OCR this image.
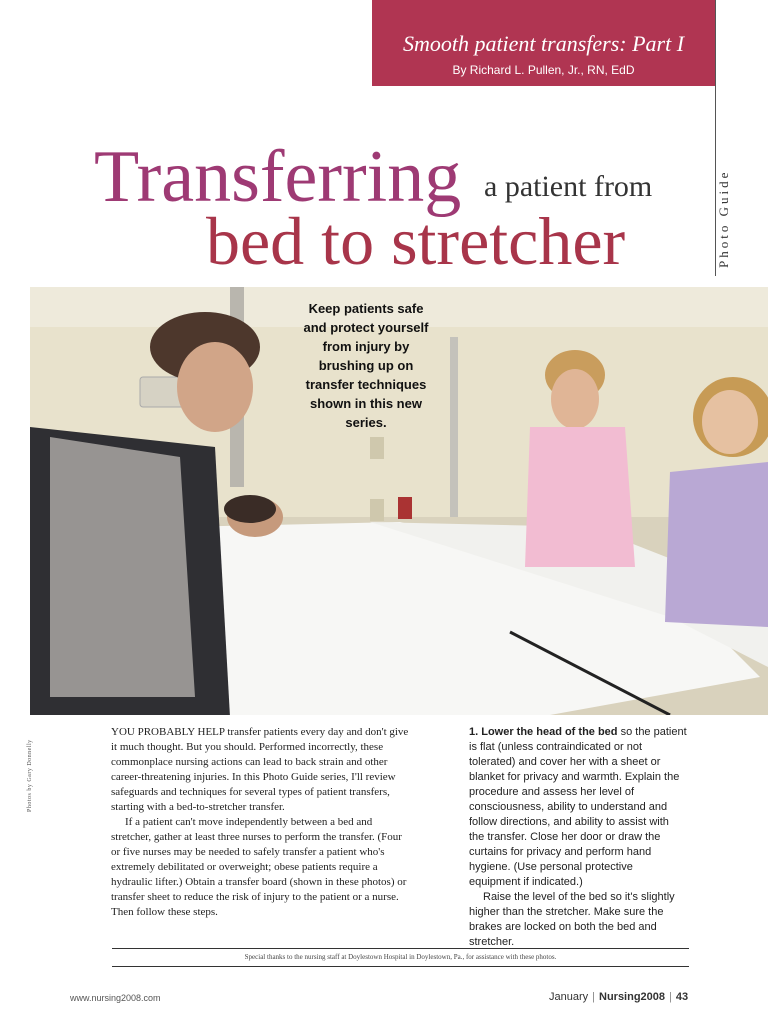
Smooth patient transfers: Part I
By Richard L. Pullen, Jr., RN, EdD
Photo Guide
Transferring a patient from
bed to stretcher
Keep patients safe and protect yourself from injury by brushing up on transfer techniques shown in this new series.
Photos by Gary Donnelly

YOU PROBABLY HELP transfer patients every day and don't give it much thought. But you should. Performed incorrectly, these commonplace nursing actions can lead to back strain and other career-threatening injuries. In this Photo Guide series, I'll review safeguards and techniques for several types of patient transfers, starting with a bed-to-stretcher transfer.

If a patient can't move independently between a bed and stretcher, gather at least three nurses to perform the transfer. (Four or five nurses may be needed to safely transfer a patient who's extremely debilitated or overweight; obese patients require a hydraulic lifter.) Obtain a transfer board (shown in these photos) or transfer sheet to reduce the risk of injury to the patient or a nurse. Then follow these steps.

1. Lower the head of the bed so the patient is flat (unless contraindicated or not tolerated) and cover her with a sheet or blanket for privacy and warmth. Explain the procedure and assess her level of consciousness, ability to understand and follow directions, and ability to assist with the transfer. Close her door or draw the curtains for privacy and perform hand hygiene. (Use personal protective equipment if indicated.)

Raise the level of the bed so it's slightly higher than the stretcher. Make sure the brakes are locked on both the bed and stretcher.

Special thanks to the nursing staff at Doylestown Hospital in Doylestown, Pa., for assistance with these photos.
www.nursing2008.com	January | Nursing2008 | 43
